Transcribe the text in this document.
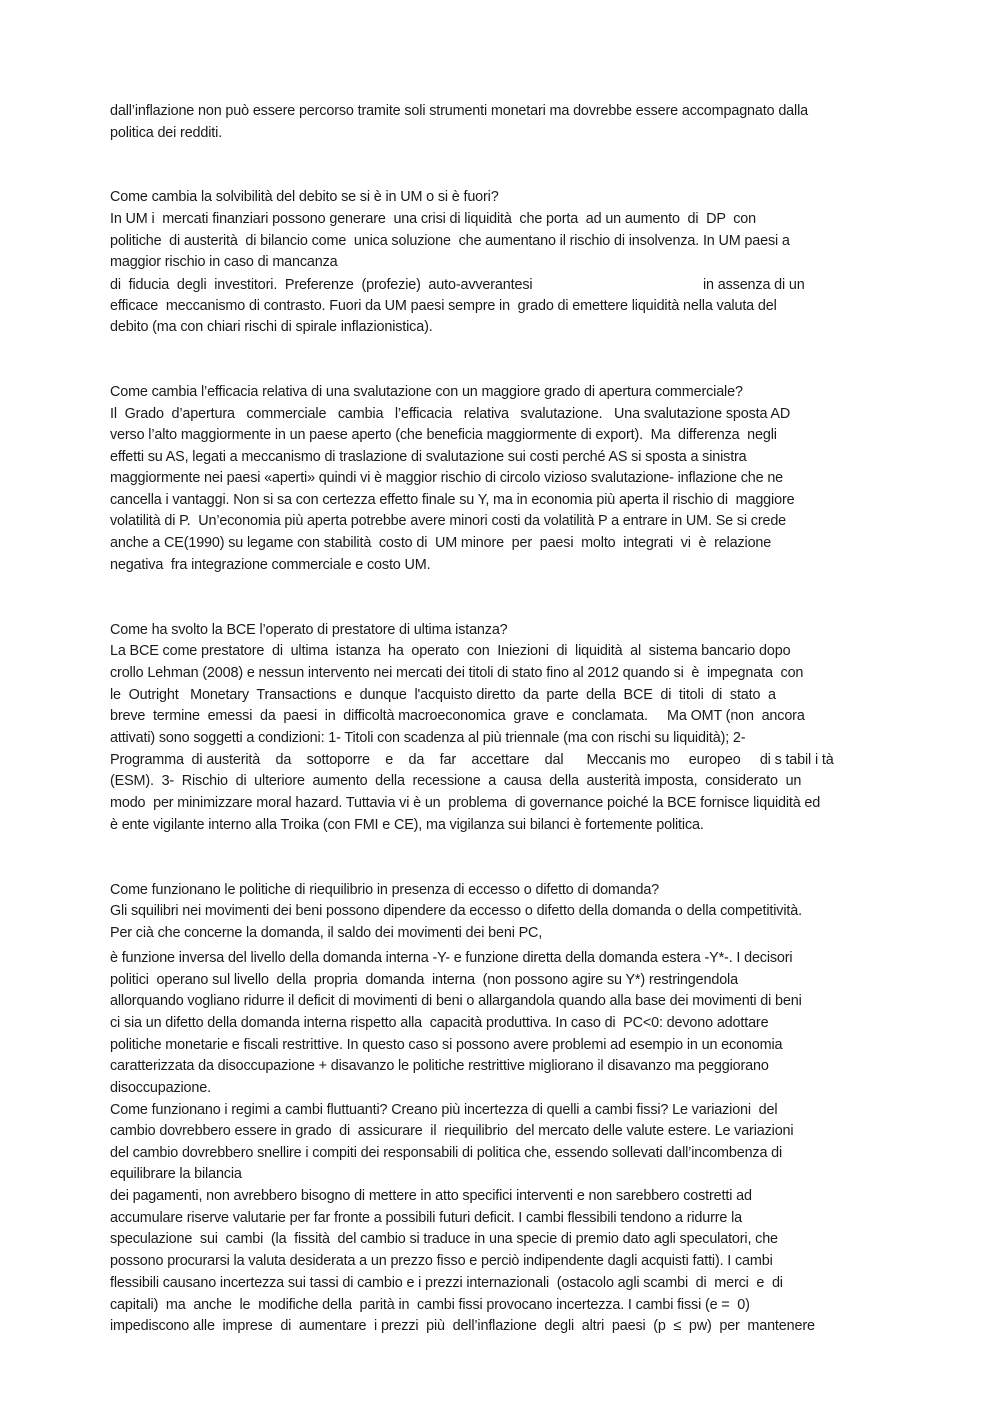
dall’inflazione non può essere percorso tramite soli strumenti monetari ma dovrebbe essere accompagnato dalla
politica dei redditi.
Come cambia la solvibilità del debito se si è in UM o si è fuori?
In UM i  mercati finanziari possono generare  una crisi di liquidità  che porta  ad un aumento  di  DP  con
politiche  di austerità  di bilancio come  unica soluzione  che aumentano il rischio di insolvenza. In UM paesi a
maggior rischio in caso di mancanza
di  fiducia  degli  investitori.  Preferenze  (profezie)  auto-avverantesi	in assenza di un
efficace  meccanismo di contrasto. Fuori da UM paesi sempre in  grado di emettere liquidità nella valuta del
debito (ma con chiari rischi di spirale inflazionistica).
Come cambia l’efficacia relativa di una svalutazione con un maggiore grado di apertura commerciale?
Il  Grado  d’apertura   commerciale   cambia   l’efficacia   relativa   svalutazione.   Una svalutazione sposta AD
verso l’alto maggiormente in un paese aperto (che beneficia maggiormente di export).  Ma  differenza  negli
effetti su AS, legati a meccanismo di traslazione di svalutazione sui costi perché AS si sposta a sinistra
maggiormente nei paesi «aperti» quindi vi è maggior rischio di circolo vizioso svalutazione- inflazione che ne
cancella i vantaggi. Non si sa con certezza effetto finale su Y, ma in economia più aperta il rischio di  maggiore
volatilità di P.  Un’economia più aperta potrebbe avere minori costi da volatilità P a entrare in UM. Se si crede
anche a CE(1990) su legame con stabilità  costo di  UM minore  per  paesi  molto  integrati  vi  è  relazione
negativa  fra integrazione commerciale e costo UM.
Come ha svolto la BCE l’operato di prestatore di ultima istanza?
La BCE come prestatore  di  ultima  istanza  ha  operato  con  Iniezioni  di  liquidità  al  sistema bancario dopo
crollo Lehman (2008) e nessun intervento nei mercati dei titoli di stato fino al 2012 quando si  è  impegnata  con
le  Outright   Monetary  Transactions  e  dunque  l'acquisto diretto  da  parte  della  BCE  di  titoli  di  stato  a
breve  termine  emessi  da  paesi  in  difficoltà macroeconomica  grave  e  conclamata.     Ma OMT (non  ancora
attivati) sono soggetti a condizioni: 1- Titoli con scadenza al più triennale (ma con rischi su liquidità); 2-
Programma  di austerità    da    sottoporre    e    da    far    accettare    dal      Meccanis mo     europeo     di s tabil i tà
(ESM).  3-  Rischio  di  ulteriore  aumento  della  recessione  a  causa  della  austerità imposta,  considerato  un
modo  per minimizzare moral hazard. Tuttavia vi è un  problema  di governance poiché la BCE fornisce liquidità ed
è ente vigilante interno alla Troika (con FMI e CE), ma vigilanza sui bilanci è fortemente politica.
Come funzionano le politiche di riequilibrio in presenza di eccesso o difetto di domanda?
Gli squilibri nei movimenti dei beni possono dipendere da eccesso o difetto della domanda o della competitività.
Per cià che concerne la domanda, il saldo dei movimenti dei beni PC,
è funzione inversa del livello della domanda interna -Y- e funzione diretta della domanda estera -Y*-. I decisori
politici  operano sul livello  della  propria  domanda  interna  (non possono agire su Y*) restringendola
allorquando vogliano ridurre il deficit di movimenti di beni o allargandola quando alla base dei movimenti di beni
ci sia un difetto della domanda interna rispetto alla  capacità produttiva. In caso di  PC<0: devono adottare
politiche monetarie e fiscali restrittive. In questo caso si possono avere problemi ad esempio in un economia
caratterizzata da disoccupazione + disavanzo le politiche restrittive migliorano il disavanzo ma peggiorano
disoccupazione.
Come funzionano i regimi a cambi fluttuanti? Creano più incertezza di quelli a cambi fissi? Le variazioni  del
cambio dovrebbero essere in grado  di  assicurare  il  riequilibrio  del mercato delle valute estere. Le variazioni
del cambio dovrebbero snellire i compiti dei responsabili di politica che, essendo sollevati dall’incombenza di
equilibrare la bilancia
dei pagamenti, non avrebbero bisogno di mettere in atto specifici interventi e non sarebbero costretti ad
accumulare riserve valutarie per far fronte a possibili futuri deficit. I cambi flessibili tendono a ridurre la
speculazione  sui  cambi  (la  fissità  del cambio si traduce in una specie di premio dato agli speculatori, che
possono procurarsi la valuta desiderata a un prezzo fisso e perciò indipendente dagli acquisti fatti). I cambi
flessibili causano incertezza sui tassi di cambio e i prezzi internazionali  (ostacolo agli scambi  di  merci  e  di
capitali)  ma  anche  le  modifiche della  parità in  cambi fissi provocano incertezza. I cambi fissi (e =  0)
impediscono alle  imprese  di  aumentare  i prezzi  più  dell’inflazione  degli  altri  paesi  (p  ≤  pw)  per  mantenere
